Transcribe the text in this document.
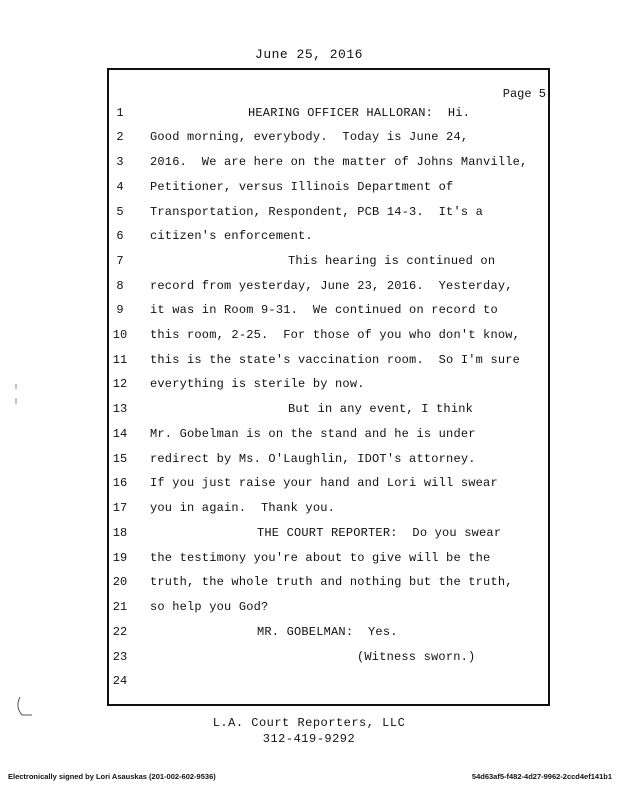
June 25, 2016
Page 5
1	HEARING OFFICER HALLORAN:  Hi.
2	Good morning, everybody.  Today is June 24,
3	2016.  We are here on the matter of Johns Manville,
4	Petitioner, versus Illinois Department of
5	Transportation, Respondent, PCB 14-3.  It's a
6	citizen's enforcement.
7	This hearing is continued on
8	record from yesterday, June 23, 2016.  Yesterday,
9	it was in Room 9-31.  We continued on record to
10 this room, 2-25.  For those of you who don't know,
11 this is the state's vaccination room.  So I'm sure
12 everything is sterile by now.
13	But in any event, I think
14 Mr. Gobelman is on the stand and he is under
15 redirect by Ms. O'Laughlin, IDOT's attorney.
16 If you just raise your hand and Lori will swear
17 you in again.  Thank you.
18	THE COURT REPORTER:  Do you swear
19 the testimony you're about to give will be the
20 truth, the whole truth and nothing but the truth,
21 so help you God?
22	MR. GOBELMAN:  Yes.
23	(Witness sworn.)
24
L.A. Court Reporters, LLC
312-419-9292
Electronically signed by Lori Asauskas (201-002-602-9536)	54d63af5-f482-4d27-9962-2ccd4ef141b1
